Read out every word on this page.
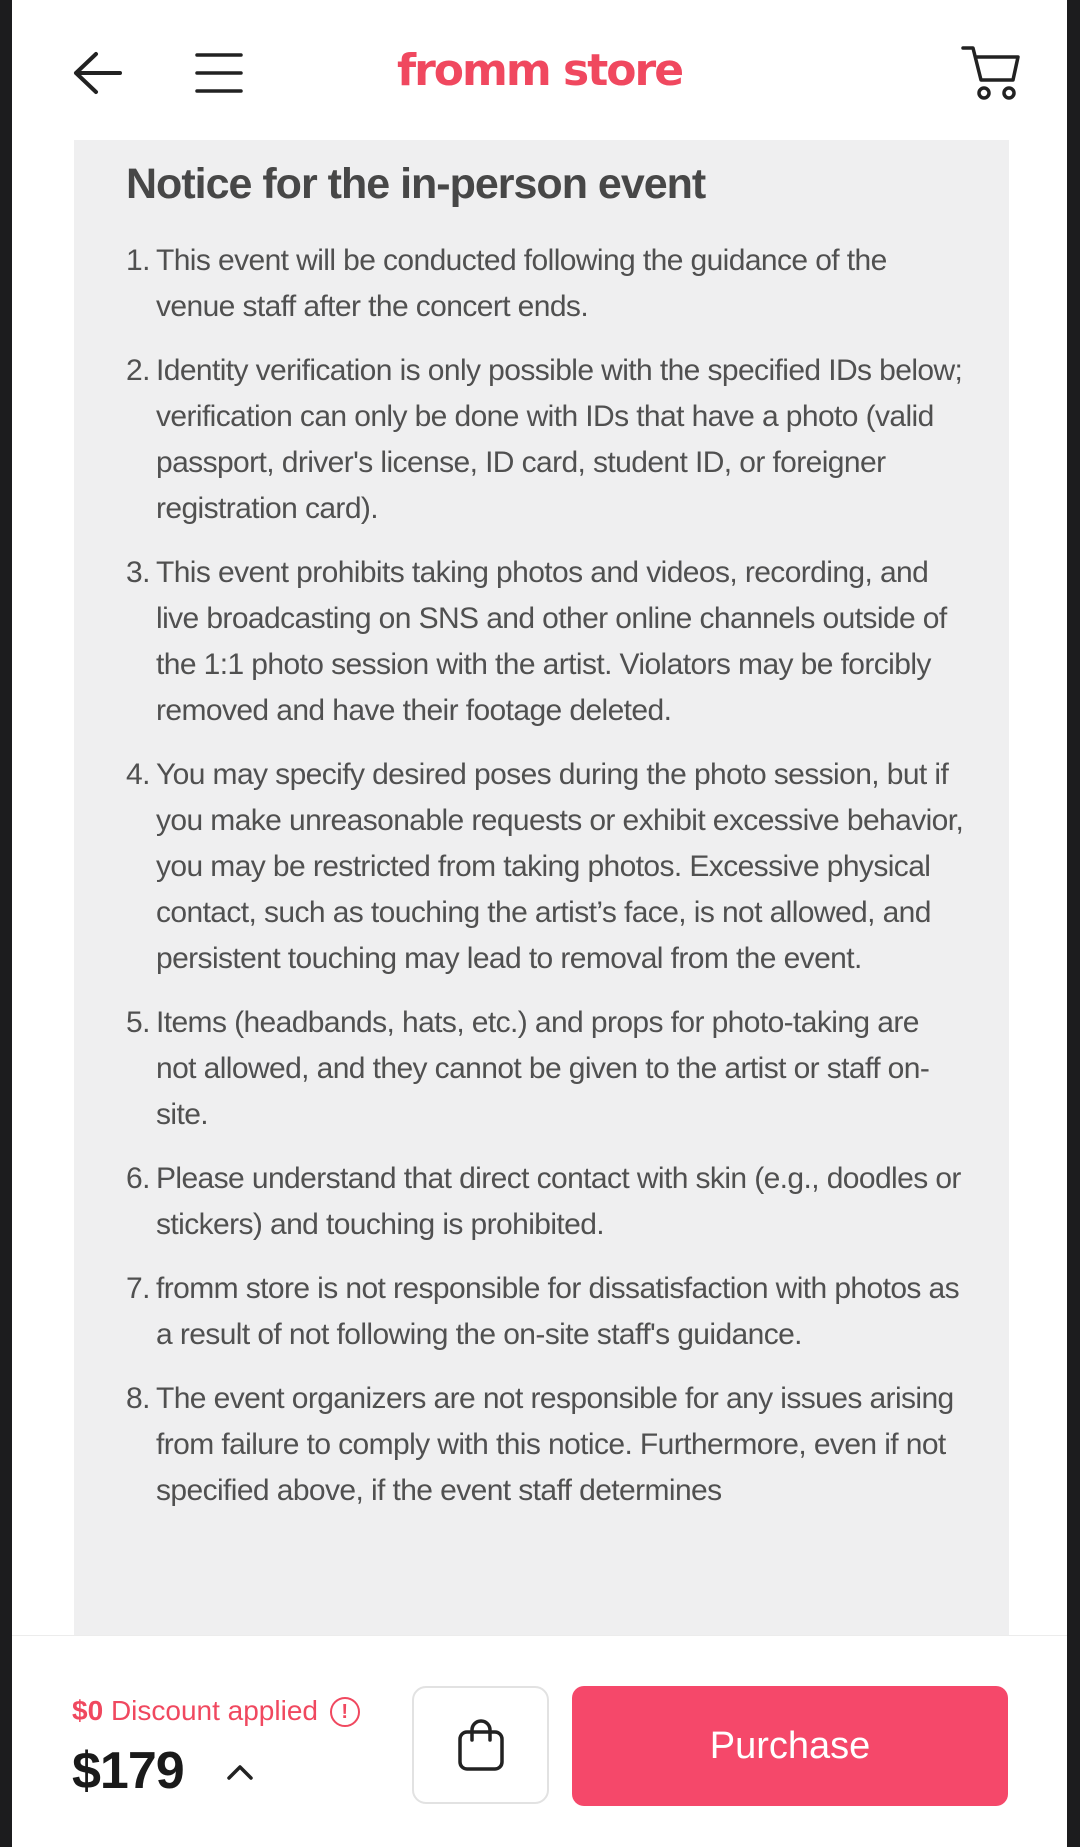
fromm store
Notice for the in-person event
1. This event will be conducted following the guidance of the venue staff after the concert ends.
2. Identity verification is only possible with the specified IDs below; verification can only be done with IDs that have a photo (valid passport, driver's license, ID card, student ID, or foreigner registration card).
3. This event prohibits taking photos and videos, recording, and live broadcasting on SNS and other online channels outside of the 1:1 photo session with the artist. Violators may be forcibly removed and have their footage deleted.
4. You may specify desired poses during the photo session, but if you make unreasonable requests or exhibit excessive behavior, you may be restricted from taking photos. Excessive physical contact, such as touching the artist’s face, is not allowed, and persistent touching may lead to removal from the event.
5. Items (headbands, hats, etc.) and props for photo-taking are not allowed, and they cannot be given to the artist or staff on-site.
6. Please understand that direct contact with skin (e.g., doodles or stickers) and touching is prohibited.
7. fromm store is not responsible for dissatisfaction with photos as a result of not following the on-site staff's guidance.
8. The event organizers are not responsible for any issues arising from failure to comply with this notice. Furthermore, even if not specified above, if the event staff determines
$0 Discount applied !
$179	Purchase
